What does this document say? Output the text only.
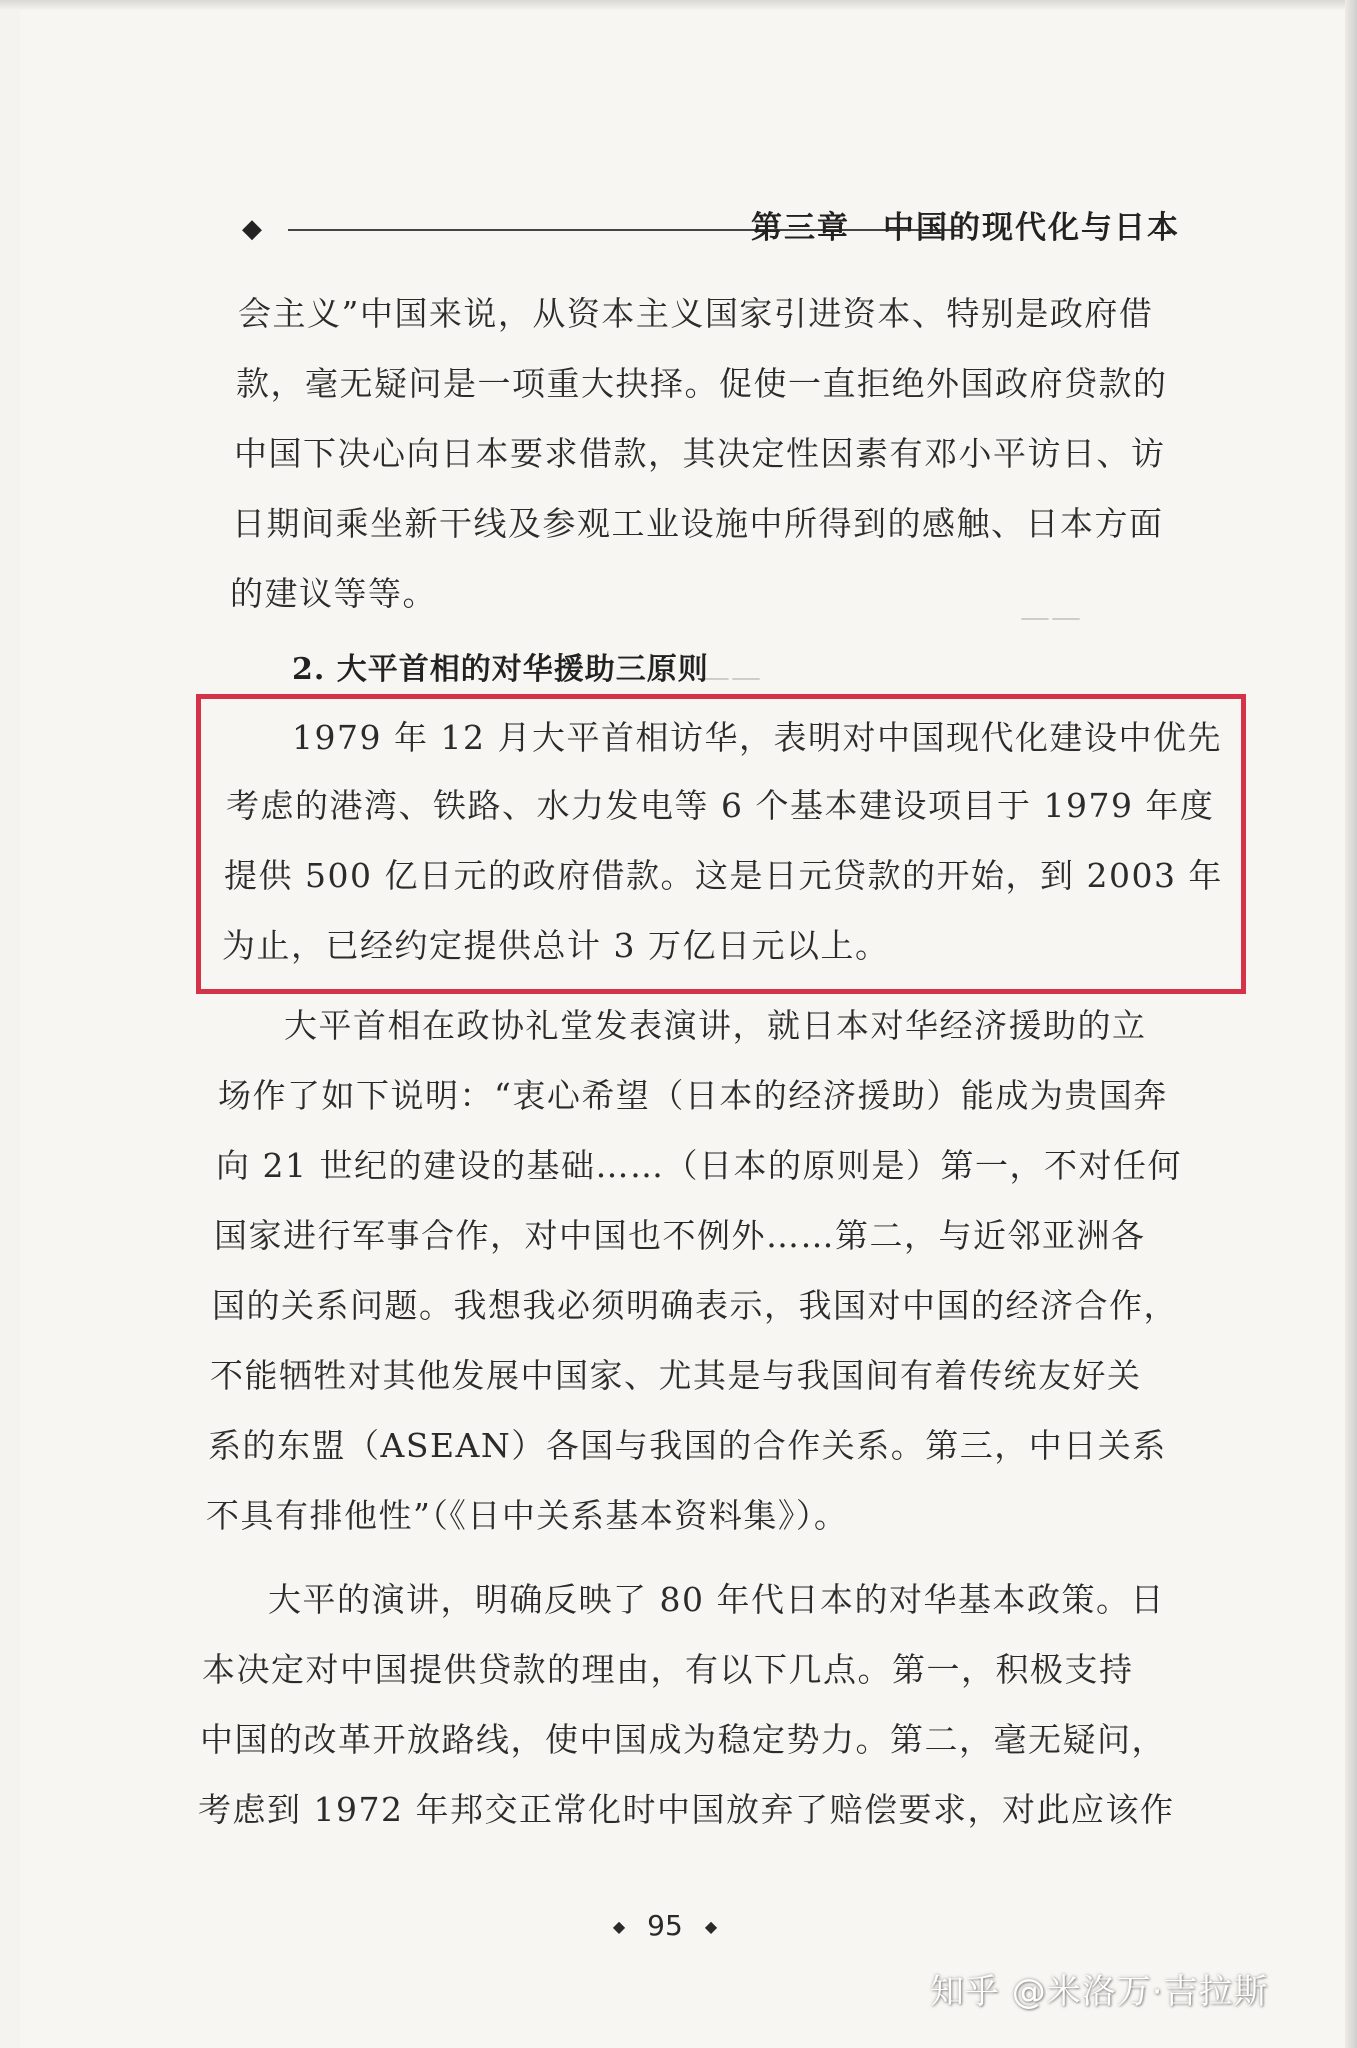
——
——
◆	第三章　中国的现代化与日本
会主义”中国来说，从资本主义国家引进资本、特别是政府借
款，毫无疑问是一项重大抉择。促使一直拒绝外国政府贷款的
中国下决心向日本要求借款，其决定性因素有邓小平访日、访
日期间乘坐新干线及参观工业设施中所得到的感触、日本方面
的建议等等。
2. 大平首相的对华援助三原则
1979 年 12 月大平首相访华，表明对中国现代化建设中优先
考虑的港湾、铁路、水力发电等 6 个基本建设项目于 1979 年度
提供 500 亿日元的政府借款。这是日元贷款的开始，到 2003 年
为止，已经约定提供总计 3 万亿日元以上。
大平首相在政协礼堂发表演讲，就日本对华经济援助的立
场作了如下说明：“衷心希望（日本的经济援助）能成为贵国奔
向 21 世纪的建设的基础……（日本的原则是）第一，不对任何
国家进行军事合作，对中国也不例外……第二，与近邻亚洲各
国的关系问题。我想我必须明确表示，我国对中国的经济合作，
不能牺牲对其他发展中国家、尤其是与我国间有着传统友好关
系的东盟（ASEAN）各国与我国的合作关系。第三，中日关系
不具有排他性”（《日中关系基本资料集》）。
大平的演讲，明确反映了 80 年代日本的对华基本政策。日
本决定对中国提供贷款的理由，有以下几点。第一，积极支持
中国的改革开放路线，使中国成为稳定势力。第二，毫无疑问，
考虑到 1972 年邦交正常化时中国放弃了赔偿要求，对此应该作
◆ 95 ◆
知乎 @米洛万·吉拉斯
